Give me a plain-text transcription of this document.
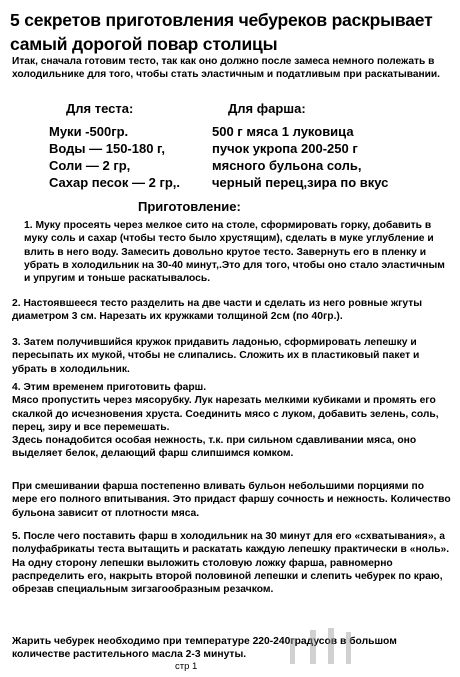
5 секретов приготовления чебуреков раскрывает самый дорогой повар столицы
Итак, сначала готовим тесто, так как оно должно после замеса немного полежать в холодильнике для того, чтобы стать эластичным и податливым при раскатывании.
Для теста:	Для фарша:
Муки -500гр.
Воды — 150-180 г,
Соли — 2 гр,
Сахар песок — 2 гр,.
500 г мяса 1 луковица
пучок укропа 200-250 г
мясного бульона соль,
черный перец,зира по вкус
Приготовление:

1. Муку просеять через мелкое сито на столе, сформировать горку, добавить в муку соль и сахар (чтобы тесто было хрустящим), сделать в муке углубление и влить в него воду. Замесить довольно крутое тесто. Завернуть его в пленку и убрать в холодильник на 30-40 минут,.Это для того, чтобы оно стало эластичным и упругим и тоньше раскатывалось.

2. Настоявшееся тесто разделить на две части и сделать из него ровные жгуты диаметром 3 см. Нарезать их кружками толщиной 2см (по 40гр.).

3. Затем получившийся кружок придавить ладонью, сформировать лепешку и пересыпать их мукой, чтобы не слипались. Сложить их в пластиковый пакет и убрать в холодильник.

4. Этим временем приготовить фарш.

Мясо пропустить через мясорубку. Лук нарезать мелкими кубиками и промять его скалкой до исчезновения хруста. Соединить мясо с луком, добавить зелень, соль, перец, зиру и все перемешать.

Здесь понадобится особая нежность, т.к. при сильном сдавливании мяса, оно выделяет белок, делающий фарш слипшимся комком.

При смешивании фарша постепенно вливать бульон небольшими порциями по мере его полного впитывания. Это придаст фаршу сочность и нежность. Количество бульона зависит от плотности мяса.

5. После чего поставить фарш в холодильник на 30 минут для его «схватывания», а полуфабрикаты теста вытащить и раскатать каждую лепешку практически в «ноль».

На одну сторону лепешки выложить столовую ложку фарша, равномерно распределить его, накрыть второй половиной лепешки и слепить чебурек по краю, обрезав специальным зигзагообразным резачком.

Жарить чебурек необходимо при температуре 220-240градусов в большом количестве растительного масла 2-3 минуты.

стр 1
